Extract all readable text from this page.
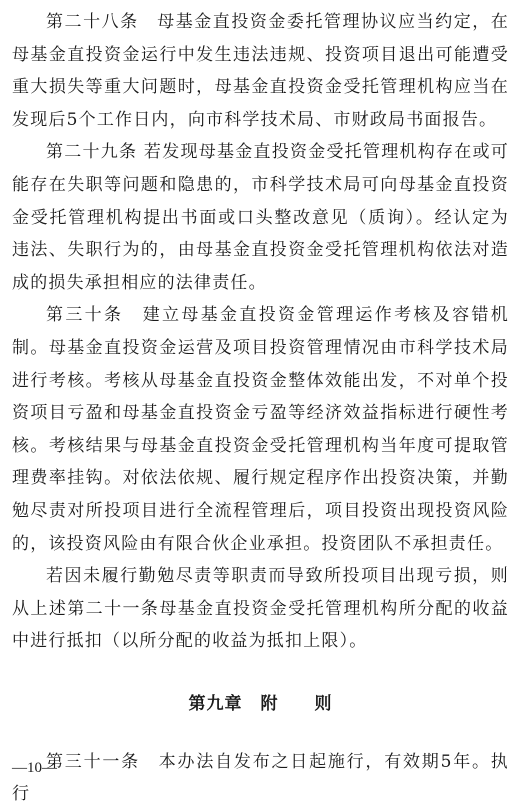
第二十八条　母基金直投资金委托管理协议应当约定，在母基金直投资金运行中发生违法违规、投资项目退出可能遭受重大损失等重大问题时，母基金直投资金受托管理机构应当在发现后5个工作日内，向市科学技术局、市财政局书面报告。

第二十九条 若发现母基金直投资金受托管理机构存在或可能存在失职等问题和隐患的，市科学技术局可向母基金直投资金受托管理机构提出书面或口头整改意见（质询）。经认定为违法、失职行为的，由母基金直投资金受托管理机构依法对造成的损失承担相应的法律责任。

第三十条　建立母基金直投资金管理运作考核及容错机制。母基金直投资金运营及项目投资管理情况由市科学技术局进行考核。考核从母基金直投资金整体效能出发，不对单个投资项目亏盈和母基金直投资金亏盈等经济效益指标进行硬性考核。考核结果与母基金直投资金受托管理机构当年度可提取管理费率挂钩。对依法依规、履行规定程序作出投资决策，并勤勉尽责对所投项目进行全流程管理后，项目投资出现投资风险的，该投资风险由有限合伙企业承担。投资团队不承担责任。

若因未履行勤勉尽责等职责而导致所投项目出现亏损，则从上述第二十一条母基金直投资金受托管理机构所分配的收益中进行抵扣（以所分配的收益为抵扣上限）。

第九章　附　　则

第三十一条　本办法自发布之日起施行，有效期5年。执行

—10—
